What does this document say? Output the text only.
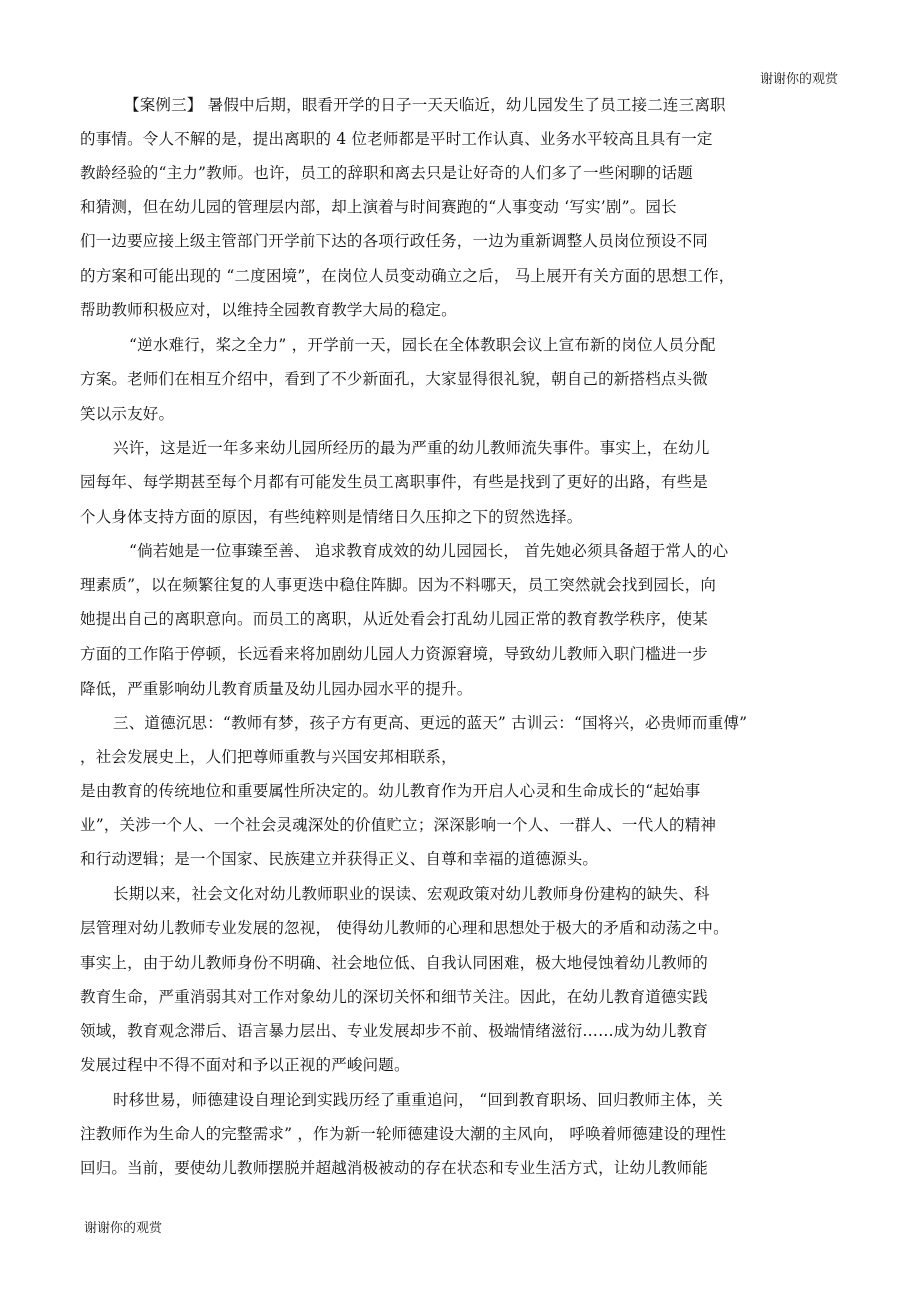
谢谢你的观赏
【案例三】 暑假中后期，眼看开学的日子一天天临近，幼儿园发生了员工接二连三离职
的事情。令人不解的是，提出离职的 4 位老师都是平时工作认真、业务水平较高且具有一定
教龄经验的“主力”教师。也许，员工的辞职和离去只是让好奇的人们多了一些闲聊的话题
和猜测，但在幼儿园的管理层内部，却上演着与时间赛跑的“人事变动 ‘写实’剧”。园长
们一边要应接上级主管部门开学前下达的各项行政任务，一边为重新调整人员岗位预设不同
的方案和可能出现的 “二度困境”，在岗位人员变动确立之后， 马上展开有关方面的思想工作，
帮助教师积极应对，以维持全园教育教学大局的稳定。
“逆水难行，桨之全力” ，开学前一天，园长在全体教职会议上宣布新的岗位人员分配
方案。老师们在相互介绍中，看到了不少新面孔，大家显得很礼貌，朝自己的新搭档点头微
笑以示友好。
兴许，这是近一年多来幼儿园所经历的最为严重的幼儿教师流失事件。事实上，在幼儿
园每年、每学期甚至每个月都有可能发生员工离职事件，有些是找到了更好的出路，有些是
个人身体支持方面的原因，有些纯粹则是情绪日久压抑之下的贸然选择。
“倘若她是一位事臻至善、 追求教育成效的幼儿园园长， 首先她必须具备超于常人的心
理素质”，以在频繁往复的人事更迭中稳住阵脚。因为不料哪天，员工突然就会找到园长，向
她提出自己的离职意向。而员工的离职，从近处看会打乱幼儿园正常的教育教学秩序，使某
方面的工作陷于停顿，长远看来将加剧幼儿园人力资源窘境，导致幼儿教师入职门槛进一步
降低，严重影响幼儿教育质量及幼儿园办园水平的提升。
三、道德沉思：“教师有梦，孩子方有更高、更远的蓝天” 古训云：“国将兴，必贵师而重傅”
，社会发展史上，人们把尊师重教与兴国安邦相联系，
是由教育的传统地位和重要属性所决定的。幼儿教育作为开启人心灵和生命成长的“起始事
业”，关涉一个人、一个社会灵魂深处的价值贮立；深深影响一个人、一群人、一代人的精神
和行动逻辑；是一个国家、民族建立并获得正义、自尊和幸福的道德源头。
长期以来，社会文化对幼儿教师职业的误读、宏观政策对幼儿教师身份建构的缺失、科
层管理对幼儿教师专业发展的忽视， 使得幼儿教师的心理和思想处于极大的矛盾和动荡之中。
事实上，由于幼儿教师身份不明确、社会地位低、自我认同困难，极大地侵蚀着幼儿教师的
教育生命，严重消弱其对工作对象幼儿的深切关怀和细节关注。因此，在幼儿教育道德实践
领域，教育观念滞后、语言暴力层出、专业发展却步不前、极端情绪滋衍……成为幼儿教育
发展过程中不得不面对和予以正视的严峻问题。
时移世易，师德建设自理论到实践历经了重重追问， “回到教育职场、回归教师主体，关
注教师作为生命人的完整需求” ，作为新一轮师德建设大潮的主风向， 呼唤着师德建设的理性
回归。当前，要使幼儿教师摆脱并超越消极被动的存在状态和专业生活方式，让幼儿教师能
谢谢你的观赏
